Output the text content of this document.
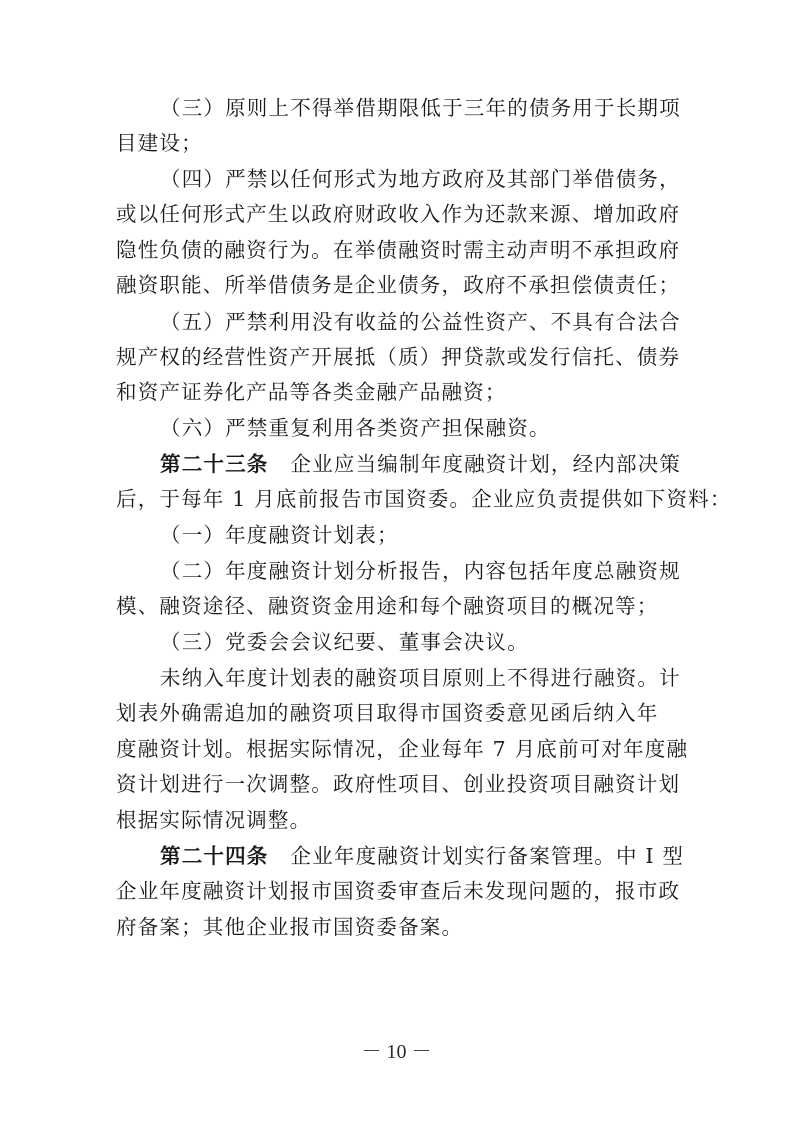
（三）原则上不得举借期限低于三年的债务用于长期项
目建设；
（四）严禁以任何形式为地方政府及其部门举借债务，
或以任何形式产生以政府财政收入作为还款来源、增加政府
隐性负债的融资行为。在举债融资时需主动声明不承担政府
融资职能、所举借债务是企业债务，政府不承担偿债责任；
（五）严禁利用没有收益的公益性资产、不具有合法合
规产权的经营性资产开展抵（质）押贷款或发行信托、债券
和资产证券化产品等各类金融产品融资；
（六）严禁重复利用各类资产担保融资。
第二十三条 企业应当编制年度融资计划，经内部决策
后，于每年 1 月底前报告市国资委。企业应负责提供如下资料：
（一）年度融资计划表；
（二）年度融资计划分析报告，内容包括年度总融资规
模、融资途径、融资资金用途和每个融资项目的概况等；
（三）党委会会议纪要、董事会决议。
未纳入年度计划表的融资项目原则上不得进行融资。计
划表外确需追加的融资项目取得市国资委意见函后纳入年
度融资计划。根据实际情况，企业每年 7 月底前可对年度融
资计划进行一次调整。政府性项目、创业投资项目融资计划
根据实际情况调整。
第二十四条 企业年度融资计划实行备案管理。中 I 型
企业年度融资计划报市国资委审查后未发现问题的，报市政
府备案；其他企业报市国资委备案。
－ 10 －
